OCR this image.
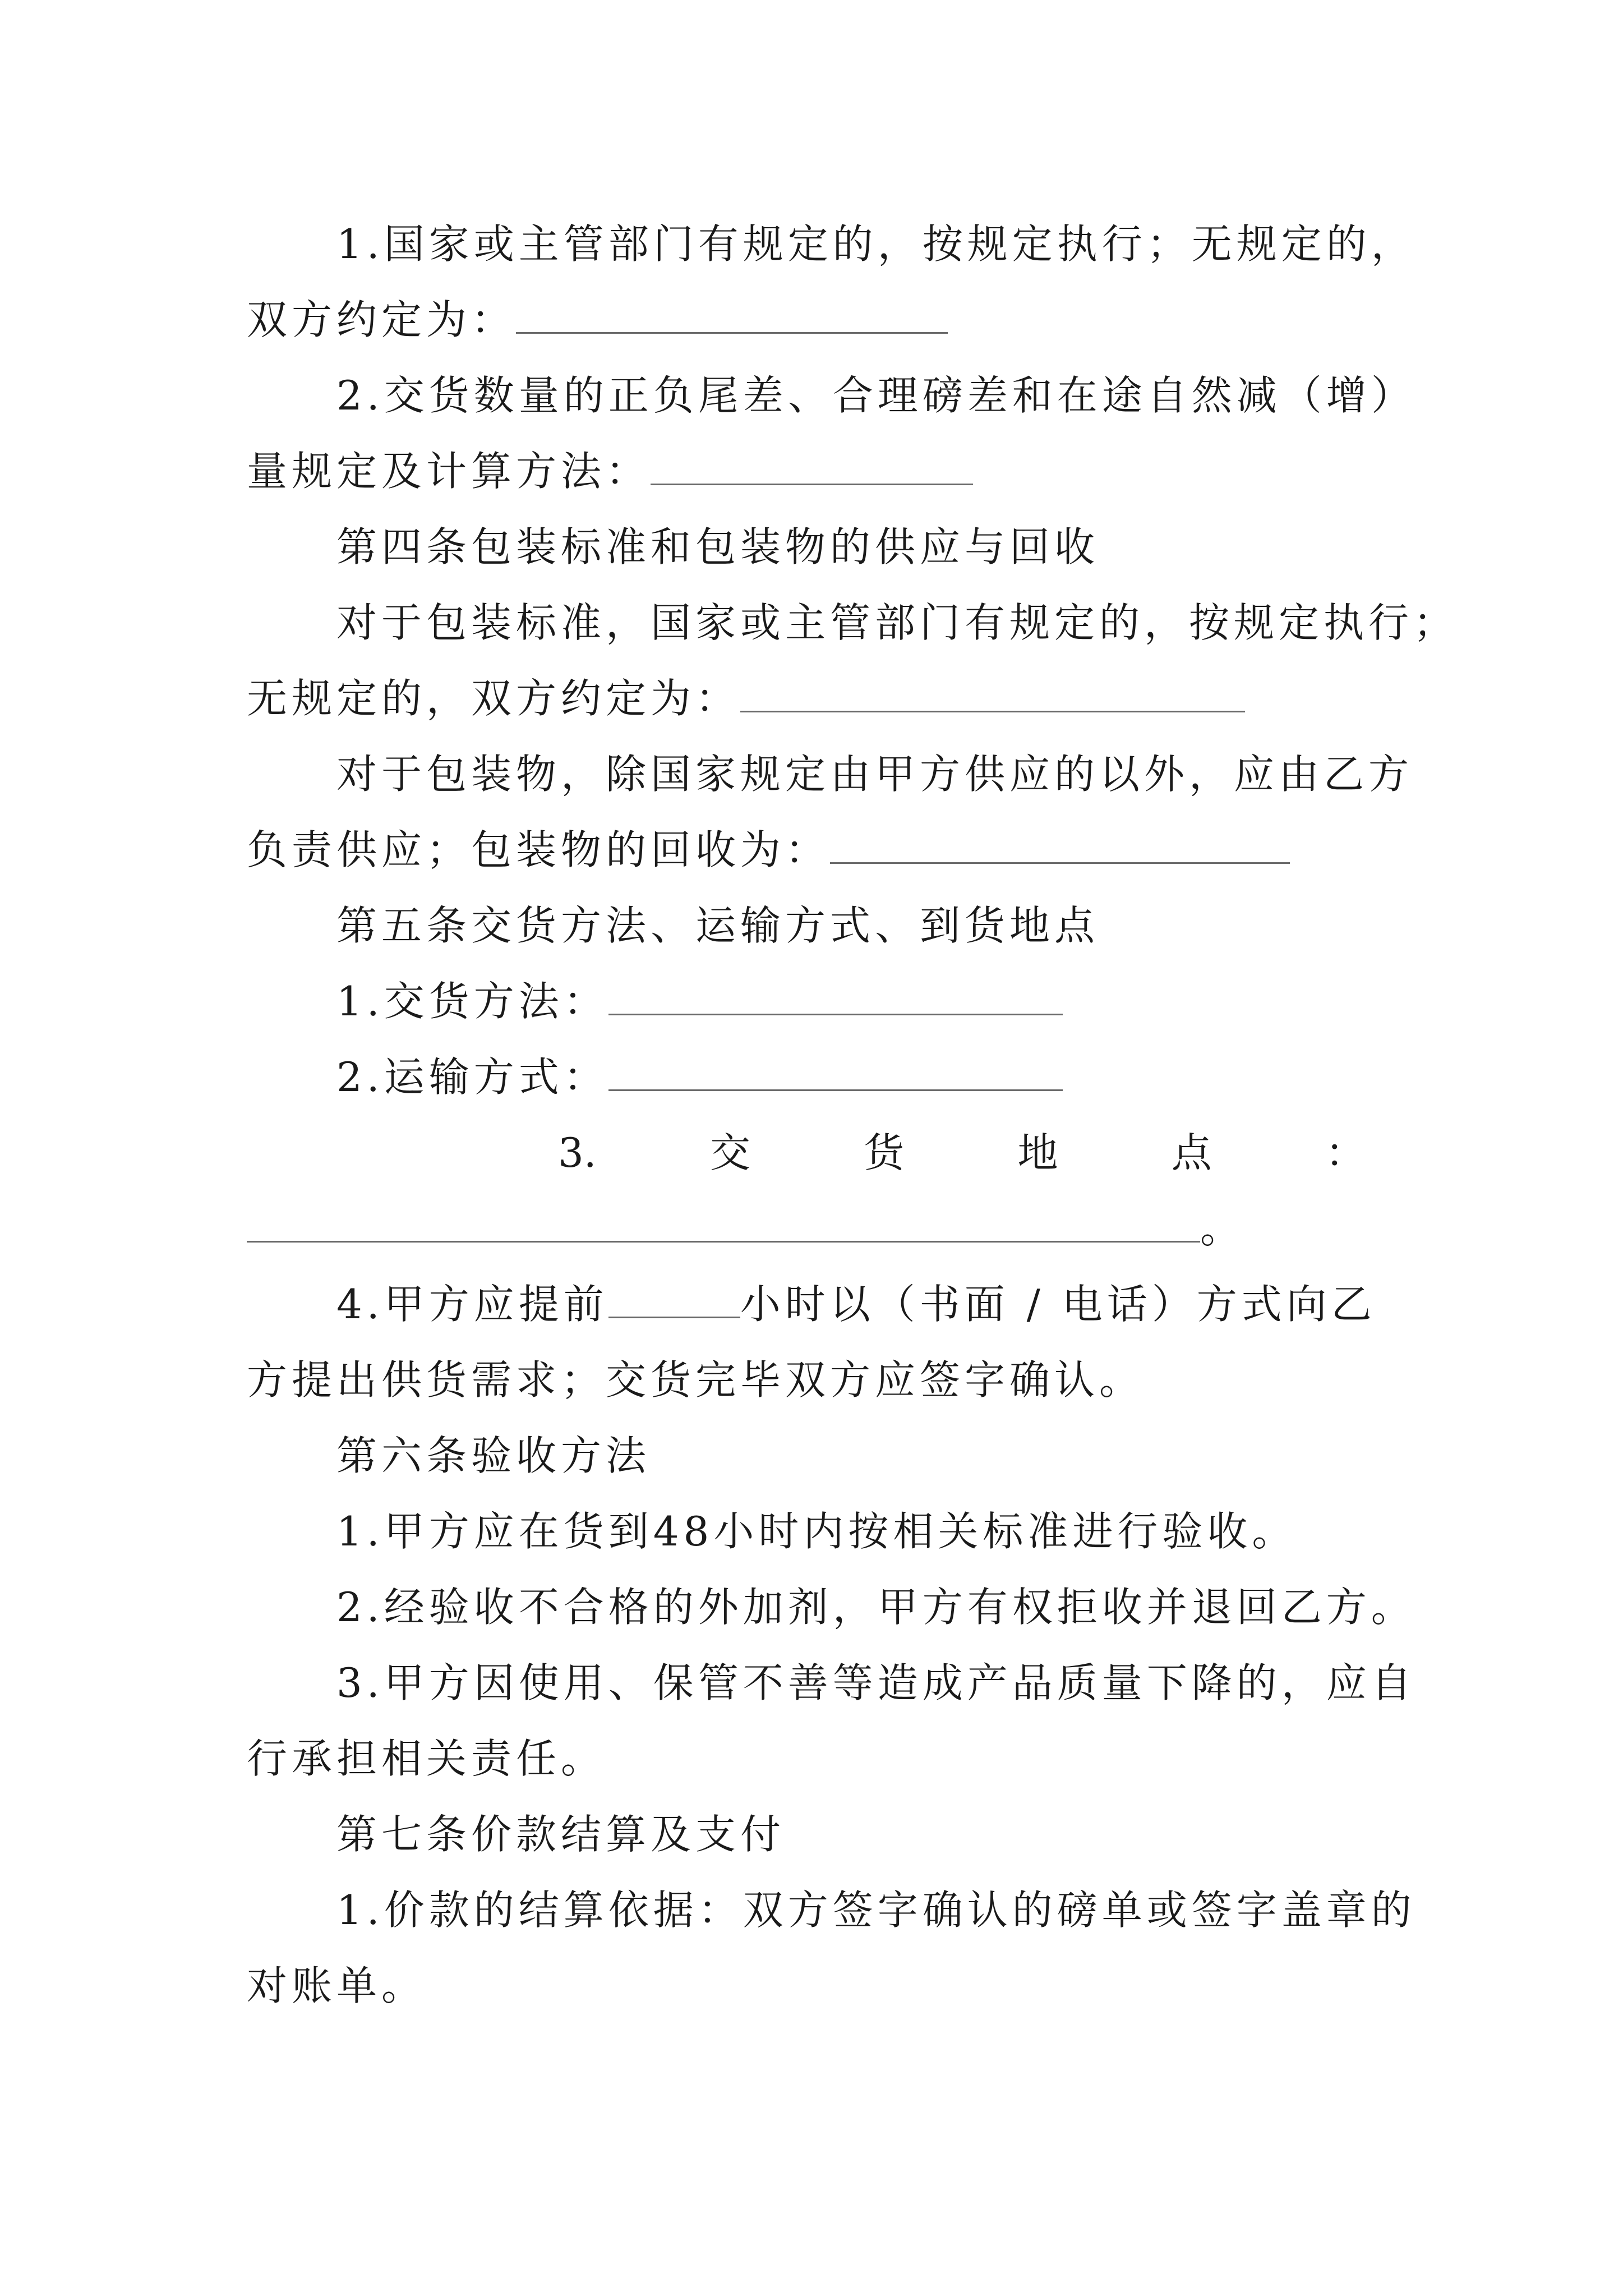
1.国家或主管部门有规定的，按规定执行；无规定的，
双方约定为：
2.交货数量的正负尾差、合理磅差和在途自然减（增）
量规定及计算方法：
第四条包装标准和包装物的供应与回收
对于包装标准，国家或主管部门有规定的，按规定执行；
无规定的，双方约定为：
对于包装物，除国家规定由甲方供应的以外，应由乙方
负责供应；包装物的回收为：
第五条交货方法、运输方式、到货地点
1.交货方法：
2.运输方式：
3.	交	货	地	点	：
。
4.甲方应提前	小时以（书面 / 电话）方式向乙
方提出供货需求；交货完毕双方应签字确认。
第六条验收方法
1.甲方应在货到48小时内按相关标准进行验收。
2.经验收不合格的外加剂，甲方有权拒收并退回乙方。
3.甲方因使用、保管不善等造成产品质量下降的，应自
行承担相关责任。
第七条价款结算及支付
1.价款的结算依据：双方签字确认的磅单或签字盖章的
对账单。
